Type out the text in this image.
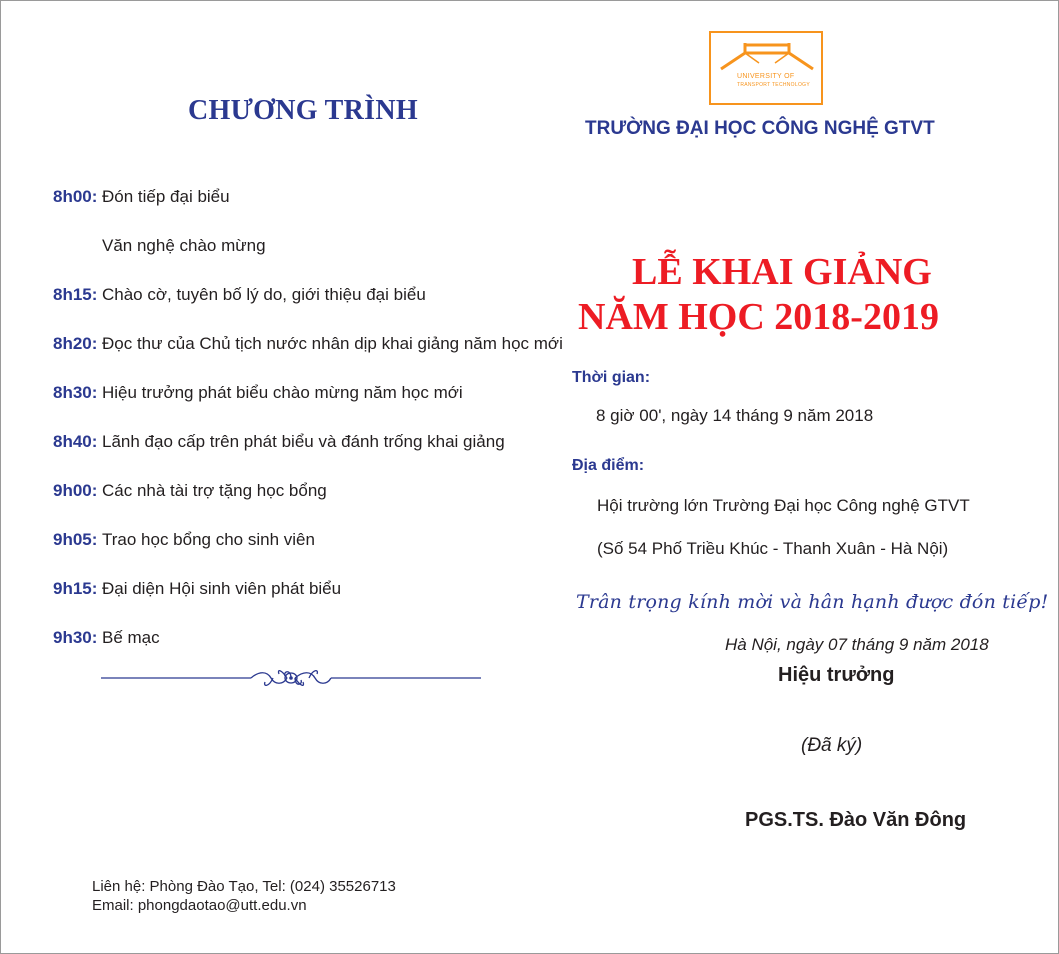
CHƯƠNG TRÌNH
8h00: Đón tiếp đại biểu
Văn nghệ chào mừng
8h15: Chào cờ, tuyên bố lý do, giới thiệu đại biểu
8h20: Đọc thư của Chủ tịch nước nhân dịp khai giảng năm học mới
8h30: Hiệu trưởng phát biểu chào mừng năm học mới
8h40: Lãnh đạo cấp trên phát biểu và đánh trống khai giảng
9h00: Các nhà tài trợ tặng học bổng
9h05: Trao học bổng cho sinh viên
9h15: Đại diện Hội sinh viên phát biểu
9h30: Bế mạc
Liên hệ: Phòng Đào Tạo, Tel: (024) 35526713
Email: phongdaotao@utt.edu.vn
UNIVERSITY OF
TRANSPORT TECHNOLOGY
TRƯỜNG ĐẠI HỌC CÔNG NGHỆ GTVT
LỄ KHAI GIẢNG
NĂM HỌC 2018-2019
Thời gian:
8 giờ 00', ngày 14 tháng 9 năm 2018
Địa điểm:
Hội trường lớn Trường Đại học Công nghệ GTVT
(Số 54 Phố Triều Khúc - Thanh Xuân - Hà Nội)
Trân trọng kính mời và hân hạnh được đón tiếp!
Hà Nội, ngày 07 tháng 9 năm 2018
Hiệu trưởng
(Đã ký)
PGS.TS. Đào Văn Đông
